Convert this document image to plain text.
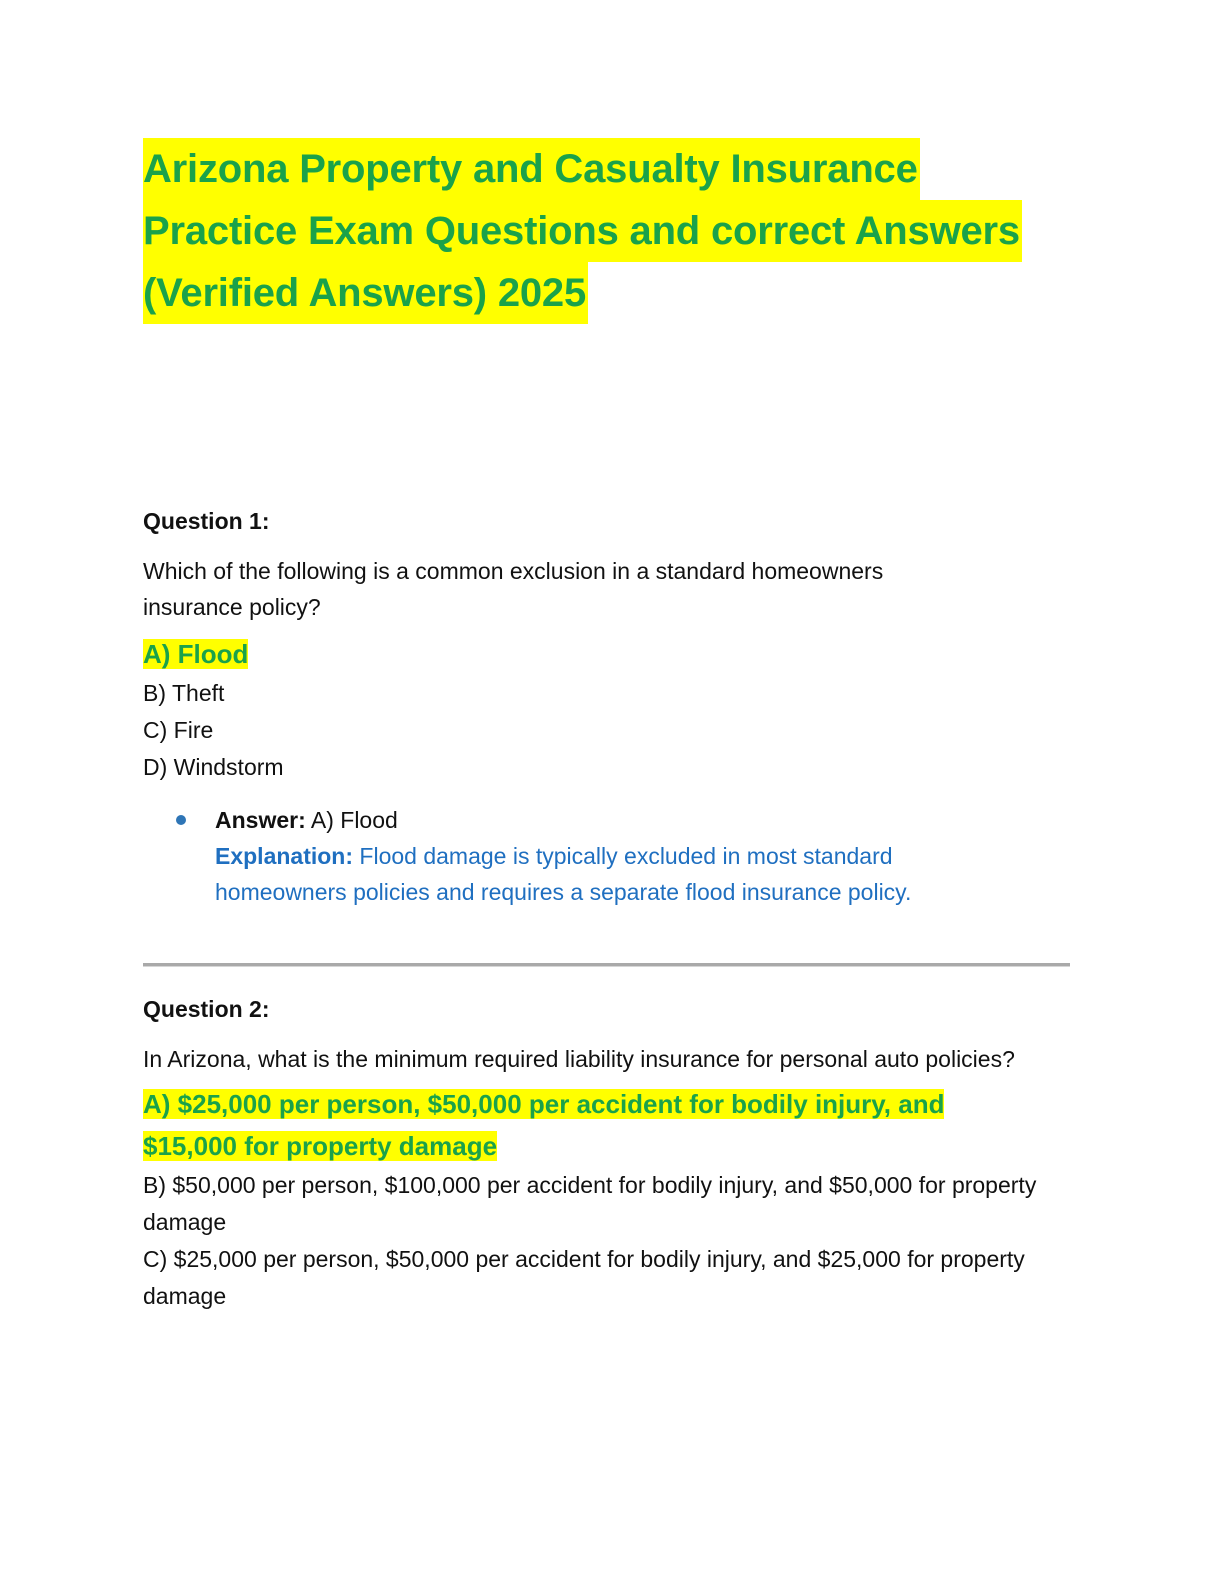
Arizona Property and Casualty Insurance
Practice Exam Questions and correct Answers
(Verified Answers) 2025

Question 1:

Which of the following is a common exclusion in a standard homeowners insurance policy?

A) Flood
B) Theft
C) Fire
D) Windstorm
Answer: A) Flood
Explanation: Flood damage is typically excluded in most standard homeowners policies and requires a separate flood insurance policy.

Question 2:

In Arizona, what is the minimum required liability insurance for personal auto policies?

A) $25,000 per person, $50,000 per accident for bodily injury, and
$15,000 for property damage
B) $50,000 per person, $100,000 per accident for bodily injury, and $50,000 for property damage
C) $25,000 per person, $50,000 per accident for bodily injury, and $25,000 for property damage
